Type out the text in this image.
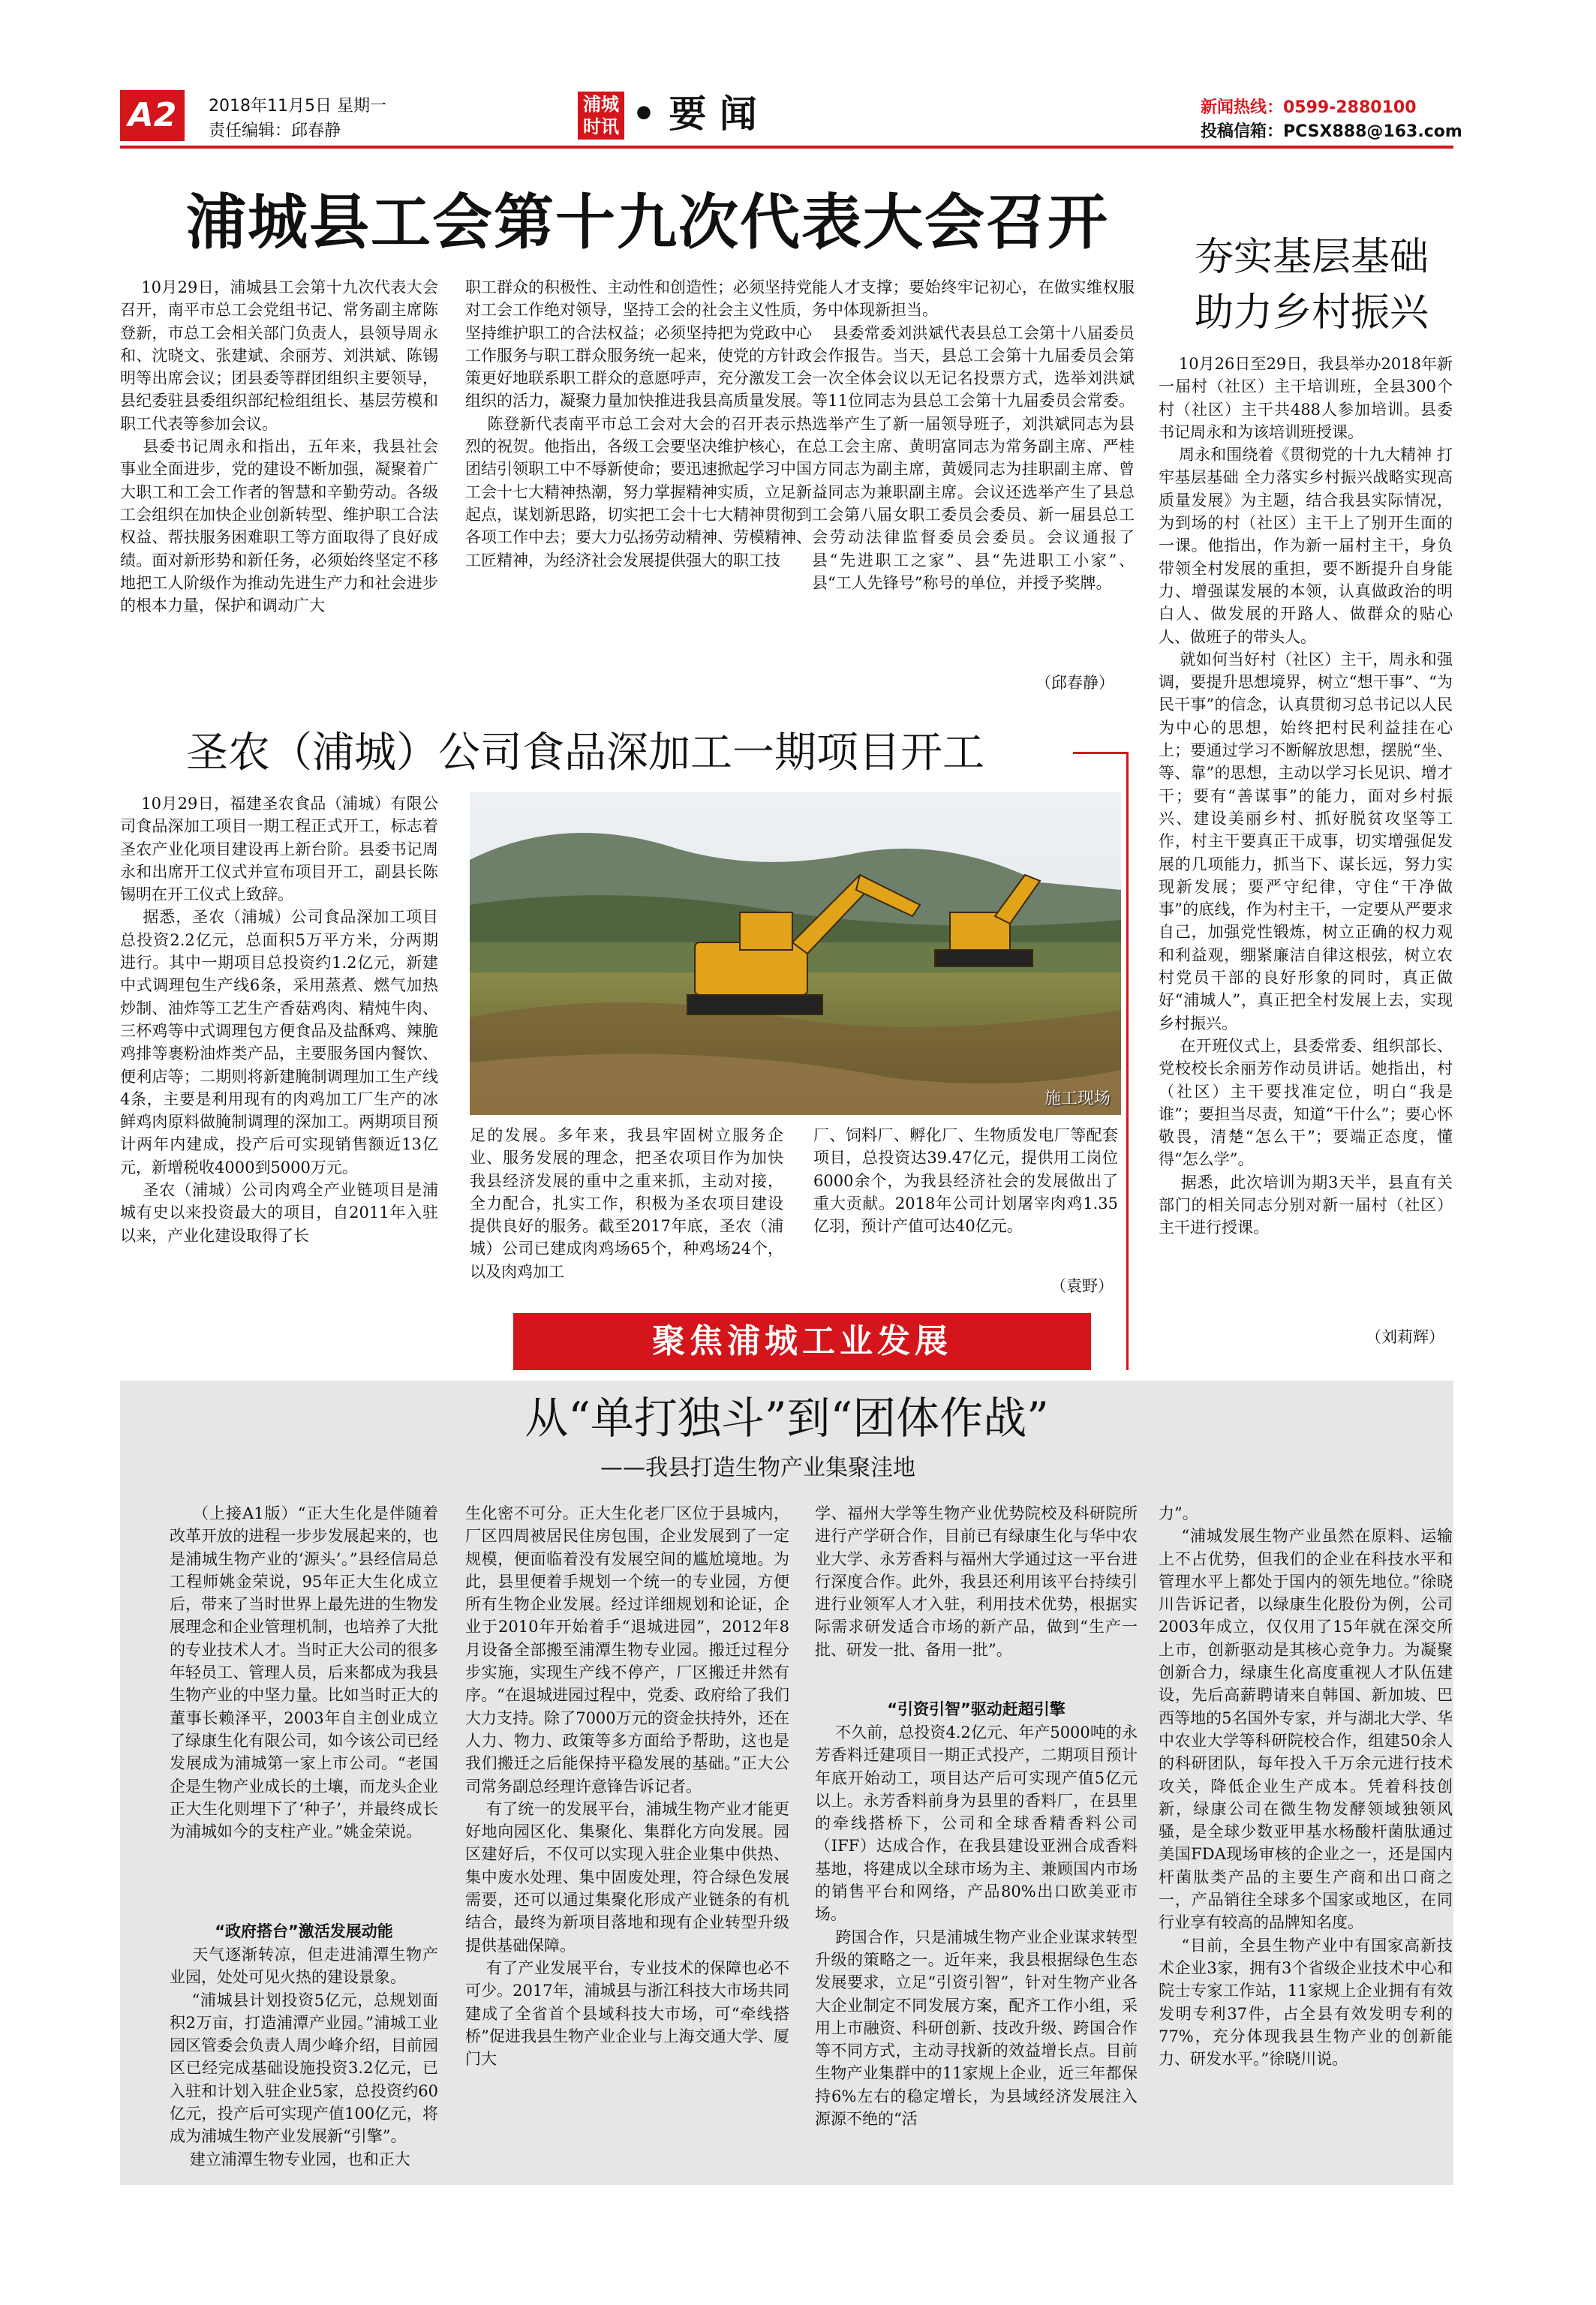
A2	2018年11月5日 星期一
责任编辑：邱春静
浦城
时讯 • 要 闻	新闻热线：0599-2880100
投稿信箱：PCSX888@163.com
浦城县工会第十九次代表大会召开
10月29日，浦城县工会第十九次代表大会召开，南平市总工会党组书记、常务副主席陈登新，市总工会相关部门负责人，县领导周永和、沈晓文、张建斌、余丽芳、刘洪斌、陈锡明等出席会议；团县委等群团组织主要领导，县纪委驻县委组织部纪检组组长、基层劳模和职工代表等参加会议。
县委书记周永和指出，五年来，我县社会事业全面进步，党的建设不断加强，凝聚着广大职工和工会工作者的智慧和辛勤劳动。各级工会组织在加快企业创新转型、维护职工合法权益、帮扶服务困难职工等方面取得了良好成绩。面对新形势和新任务，必须始终坚定不移地把工人阶级作为推动先进生产力和社会进步的根本力量，保护和调动广大
职工群众的积极性、主动性和创造性；必须坚持党对工会工作绝对领导，坚持工会的社会主义性质，坚持维护职工的合法权益；必须坚持把为党政中心工作服务与职工群众服务统一起来，使党的方针政策更好地联系职工群众的意愿呼声，充分激发工会组织的活力，凝聚力量加快推进我县高质量发展。
陈登新代表南平市总工会对大会的召开表示热烈的祝贺。他指出，各级工会要坚决维护核心，在团结引领职工中不辱新使命；要迅速掀起学习中国工会十七大精神热潮，努力掌握精神实质，立足新起点，谋划新思路，切实把工会十七大精神贯彻到各项工作中去；要大力弘扬劳动精神、劳模精神、工匠精神，为经济社会发展提供强大的职工技
能人才支撑；要始终牢记初心，在做实维权服务中体现新担当。
县委常委刘洪斌代表县总工会第十八届委员会作报告。当天，县总工会第十九届委员会第一次全体会议以无记名投票方式，选举刘洪斌等11位同志为县总工会第十九届委员会常委。选举产生了新一届领导班子，刘洪斌同志为县总工会主席、黄明富同志为常务副主席、严桂方同志为副主席，黄媛同志为挂职副主席、曾益同志为兼职副主席。会议还选举产生了县总工会第八届女职工委员会委员、新一届县总工会劳动法律监督委员会委员。会议通报了县“先进职工之家”、县“先进职工小家”、县“工人先锋号”称号的单位，并授予奖牌。
（邱春静）
夯实基层基础
助力乡村振兴
10月26日至29日，我县举办2018年新一届村（社区）主干培训班，全县300个村（社区）主干共488人参加培训。县委书记周永和为该培训班授课。
周永和围绕着《贯彻党的十九大精神 打牢基层基础 全力落实乡村振兴战略实现高质量发展》为主题，结合我县实际情况，为到场的村（社区）主干上了别开生面的一课。他指出，作为新一届村主干，身负带领全村发展的重担，要不断提升自身能力、增强谋发展的本领，认真做政治的明白人、做发展的开路人、做群众的贴心人、做班子的带头人。
就如何当好村（社区）主干，周永和强调，要提升思想境界，树立“想干事”、“为民干事”的信念，认真贯彻习总书记以人民为中心的思想，始终把村民利益挂在心上；要通过学习不断解放思想，摆脱“坐、等、靠”的思想，主动以学习长见识、增才干；要有“善谋事”的能力，面对乡村振兴、建设美丽乡村、抓好脱贫攻坚等工作，村主干要真正干成事，切实增强促发展的几项能力，抓当下、谋长远，努力实现新发展；要严守纪律，守住“干净做事”的底线，作为村主干，一定要从严要求自己，加强党性锻炼，树立正确的权力观和利益观，绷紧廉洁自律这根弦，树立农村党员干部的良好形象的同时，真正做好“浦城人”，真正把全村发展上去，实现乡村振兴。
在开班仪式上，县委常委、组织部长、党校校长余丽芳作动员讲话。她指出，村（社区）主干要找准定位，明白“我是谁”；要担当尽责，知道“干什么”；要心怀敬畏，清楚“怎么干”；要端正态度，懂得“怎么学”。
据悉，此次培训为期3天半，县直有关部门的相关同志分别对新一届村（社区）主干进行授课。
（刘莉辉）
圣农（浦城）公司食品深加工一期项目开工
10月29日，福建圣农食品（浦城）有限公司食品深加工项目一期工程正式开工，标志着圣农产业化项目建设再上新台阶。县委书记周永和出席开工仪式并宣布项目开工，副县长陈锡明在开工仪式上致辞。
据悉，圣农（浦城）公司食品深加工项目总投资2.2亿元，总面积5万平方米，分两期进行。其中一期项目总投资约1.2亿元，新建中式调理包生产线6条，采用蒸煮、燃气加热炒制、油炸等工艺生产香菇鸡肉、精炖牛肉、三杯鸡等中式调理包方便食品及盐酥鸡、辣脆鸡排等裹粉油炸类产品，主要服务国内餐饮、便利店等；二期则将新建腌制调理加工生产线4条，主要是利用现有的肉鸡加工厂生产的冰鲜鸡肉原料做腌制调理的深加工。两期项目预计两年内建成，投产后可实现销售额近13亿元，新增税收4000到5000万元。
圣农（浦城）公司肉鸡全产业链项目是浦城有史以来投资最大的项目，自2011年入驻以来，产业化建设取得了长
施工现场
足的发展。多年来，我县牢固树立服务企业、服务发展的理念，把圣农项目作为加快我县经济发展的重中之重来抓，主动对接，全力配合，扎实工作，积极为圣农项目建设提供良好的服务。截至2017年底，圣农（浦城）公司已建成肉鸡场65个，种鸡场24个，以及肉鸡加工
厂、饲料厂、孵化厂、生物质发电厂等配套项目，总投资达39.47亿元，提供用工岗位6000余个，为我县经济社会的发展做出了重大贡献。2018年公司计划屠宰肉鸡1.35亿羽，预计产值可达40亿元。
（袁野）
聚焦浦城工业发展
从“单打独斗”到“团体作战”
——我县打造生物产业集聚洼地
（上接A1版）“正大生化是伴随着改革开放的进程一步步发展起来的，也是浦城生物产业的‘源头’。”县经信局总工程师姚金荣说，95年正大生化成立后，带来了当时世界上最先进的生物发展理念和企业管理机制，也培养了大批的专业技术人才。当时正大公司的很多年轻员工、管理人员，后来都成为我县生物产业的中坚力量。比如当时正大的董事长赖泽平，2003年自主创业成立了绿康生化有限公司，如今该公司已经发展成为浦城第一家上市公司。“老国企是生物产业成长的土壤，而龙头企业正大生化则埋下了‘种子’，并最终成长为浦城如今的支柱产业。”姚金荣说。
“政府搭台”激活发展动能
天气逐渐转凉，但走进浦潭生物产业园，处处可见火热的建设景象。
“浦城县计划投资5亿元，总规划面积2万亩，打造浦潭产业园。”浦城工业园区管委会负责人周少峰介绍，目前园区已经完成基础设施投资3.2亿元，已入驻和计划入驻企业5家，总投资约60亿元，投产后可实现产值100亿元，将成为浦城生物产业发展新“引擎”。
建立浦潭生物专业园，也和正大
生化密不可分。正大生化老厂区位于县城内，厂区四周被居民住房包围，企业发展到了一定规模，便面临着没有发展空间的尴尬境地。为此，县里便着手规划一个统一的专业园，方便所有生物企业发展。经过详细规划和论证，企业于2010年开始着手“退城进园”，2012年8月设备全部搬至浦潭生物专业园。搬迁过程分步实施，实现生产线不停产，厂区搬迁井然有序。“在退城进园过程中，党委、政府给了我们大力支持。除了7000万元的资金扶持外，还在人力、物力、政策等多方面给予帮助，这也是我们搬迁之后能保持平稳发展的基础。”正大公司常务副总经理许意锋告诉记者。
有了统一的发展平台，浦城生物产业才能更好地向园区化、集聚化、集群化方向发展。园区建好后，不仅可以实现入驻企业集中供热、集中废水处理、集中固废处理，符合绿色发展需要，还可以通过集聚化形成产业链条的有机结合，最终为新项目落地和现有企业转型升级提供基础保障。
有了产业发展平台，专业技术的保障也必不可少。2017年，浦城县与浙江科技大市场共同建成了全省首个县域科技大市场，可“牵线搭桥”促进我县生物产业企业与上海交通大学、厦门大
学、福州大学等生物产业优势院校及科研院所进行产学研合作，目前已有绿康生化与华中农业大学、永芳香料与福州大学通过这一平台进行深度合作。此外，我县还利用该平台持续引进行业领军人才入驻，利用技术优势，根据实际需求研发适合市场的新产品，做到“生产一批、研发一批、备用一批”。
“引资引智”驱动赶超引擎
不久前，总投资4.2亿元、年产5000吨的永芳香料迁建项目一期正式投产，二期项目预计年底开始动工，项目达产后可实现产值5亿元以上。永芳香料前身为县里的香料厂，在县里的牵线搭桥下，公司和全球香精香料公司（IFF）达成合作，在我县建设亚洲合成香料基地，将建成以全球市场为主、兼顾国内市场的销售平台和网络，产品80%出口欧美亚市场。
跨国合作，只是浦城生物产业企业谋求转型升级的策略之一。近年来，我县根据绿色生态发展要求，立足“引资引智”，针对生物产业各大企业制定不同发展方案，配齐工作小组，采用上市融资、科研创新、技改升级、跨国合作等不同方式，主动寻找新的效益增长点。目前生物产业集群中的11家规上企业，近三年都保持6%左右的稳定增长，为县域经济发展注入源源不绝的“活
力”。
“浦城发展生物产业虽然在原料、运输上不占优势，但我们的企业在科技水平和管理水平上都处于国内的领先地位。”徐晓川告诉记者，以绿康生化股份为例，公司2003年成立，仅仅用了15年就在深交所上市，创新驱动是其核心竞争力。为凝聚创新合力，绿康生化高度重视人才队伍建设，先后高薪聘请来自韩国、新加坡、巴西等地的5名国外专家，并与湖北大学、华中农业大学等科研院校合作，组建50余人的科研团队，每年投入千万余元进行技术攻关，降低企业生产成本。凭着科技创新，绿康公司在微生物发酵领域独领风骚，是全球少数亚甲基水杨酸杆菌肽通过美国FDA现场审核的企业之一，还是国内杆菌肽类产品的主要生产商和出口商之一，产品销往全球多个国家或地区，在同行业享有较高的品牌知名度。
“目前，全县生物产业中有国家高新技术企业3家，拥有3个省级企业技术中心和院士专家工作站，11家规上企业拥有有效发明专利37件，占全县有效发明专利的77%，充分体现我县生物产业的创新能力、研发水平。”徐晓川说。
